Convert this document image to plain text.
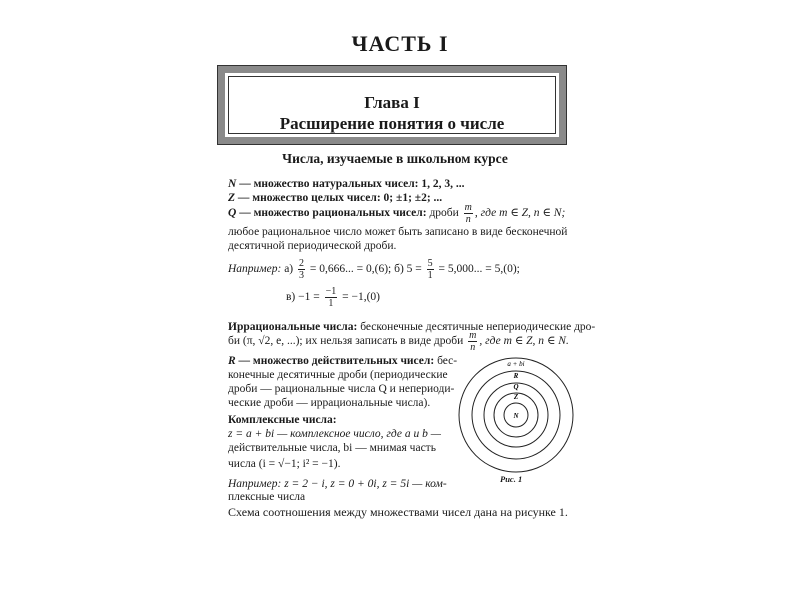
ЧАСТЬ I
Глава I
Расширение понятия о числе
Числа, изучаемые в школьном курсе
N — множество натуральных чисел: 1, 2, 3, ...
Z — множество целых чисел: 0; ±1; ±2; ...
Q — множество рациональных чисел: дроби $\frac{m}{n}$ , где m ∈ Z, n ∈ N;
любое рациональное число может быть записано в виде бесконечной
десятичной периодической дроби.
Например: $а) \frac{2}{3} = 0,666$... = 0,(6); б) $5 = \frac{5}{1} = 5,000$... = 5,(0);
$в) -1 = \frac{-1}{1} = -1,(0)$
Иррациональные числа: бесконечные десятичные непериодические дро-
би (π, √2, e, ...); их нельзя записать в виде дроби $\frac{m}{n}$ , где m ∈ Z, n ∈ N.
R — множество действительных чисел: бес-
конечные десятичные дроби (периодические
дроби — рациональные числа Q и непериоди-
ческие дроби — иррациональные числа).
Комплексные числа:
z = a + bi — комплексное число, где a и b —
действительные числа, bi — мнимая часть
числа (i = √−1; i² = −1).
Например: z = 2 − i, z = 0 + 0i, z = 5i — ком-
плексные числа
Схема соотношения между множествами чисел дана на рисунке 1.
a + bi
R
Q
Z
N
Рис. 1
